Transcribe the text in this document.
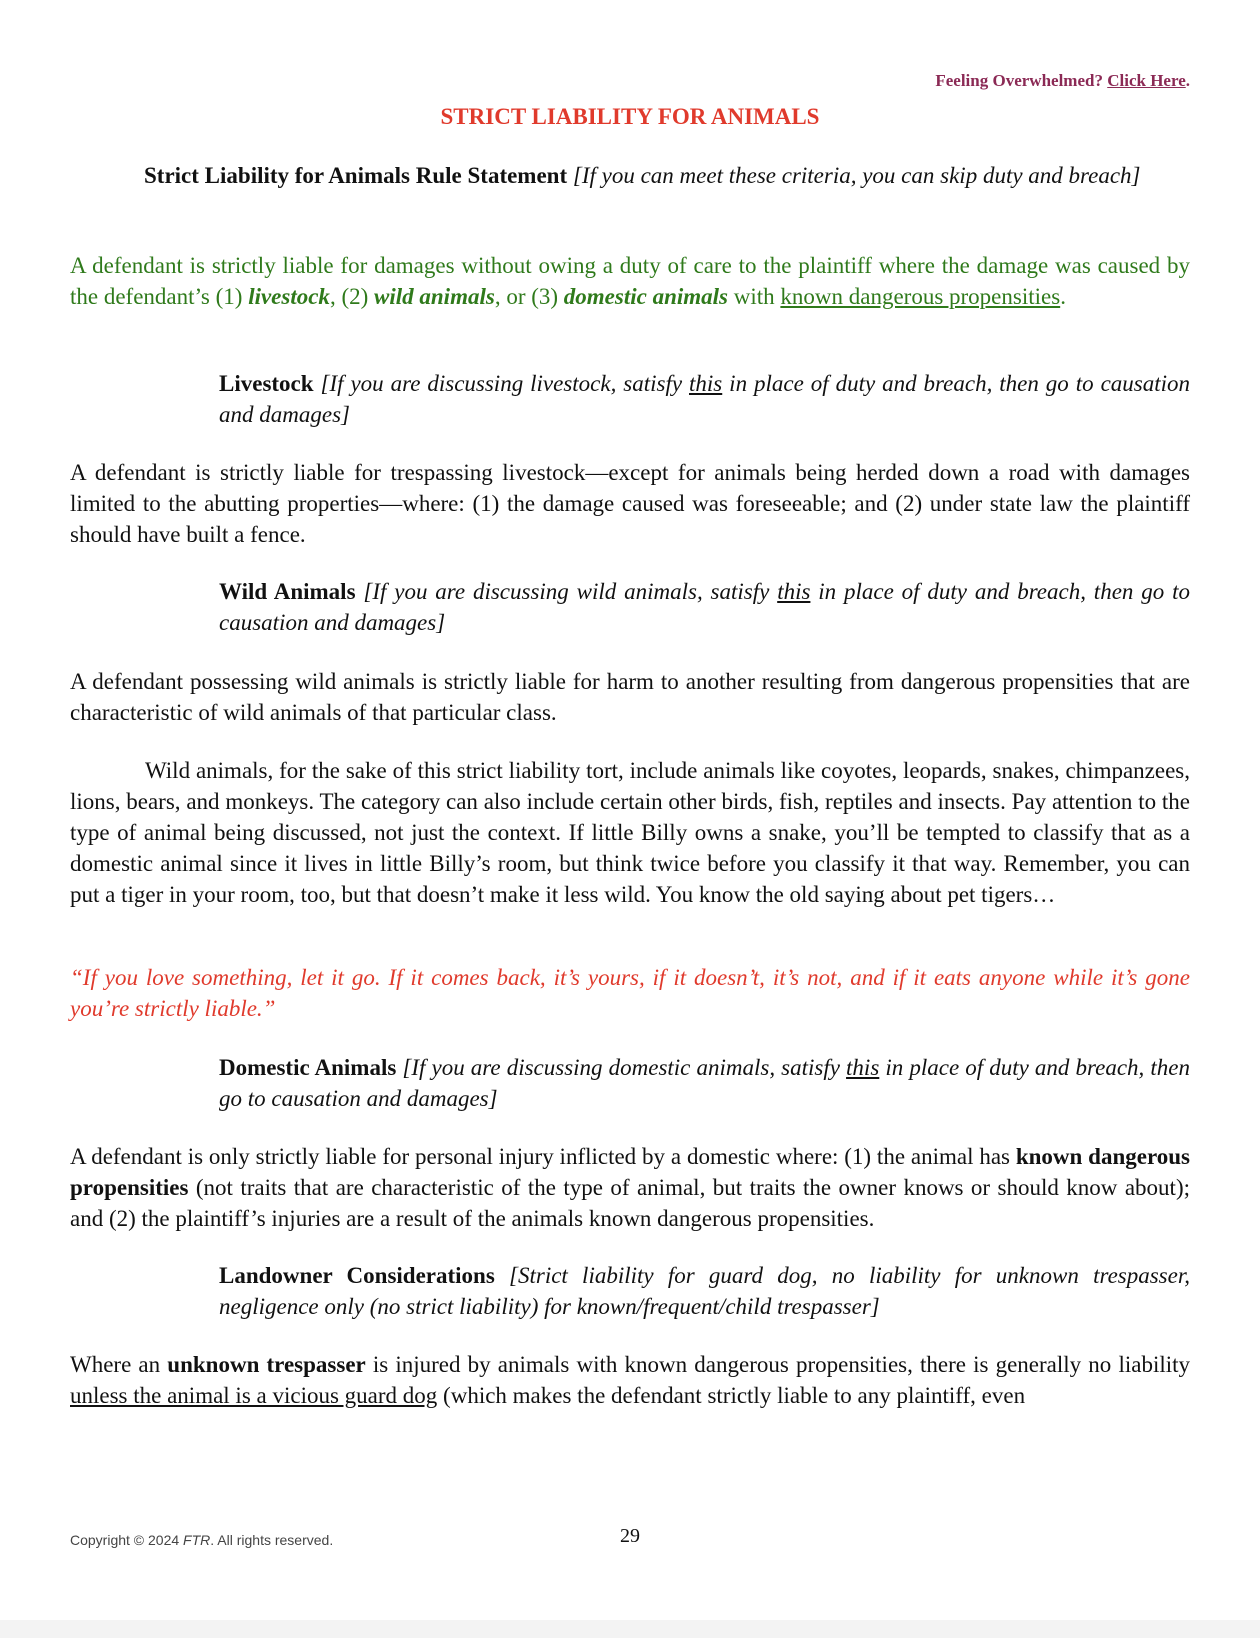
Feeling Overwhelmed? Click Here.

STRICT LIABILITY FOR ANIMALS

Strict Liability for Animals Rule Statement [If you can meet these criteria, you can skip duty and breach]

A defendant is strictly liable for damages without owing a duty of care to the plaintiff where the damage was caused by the defendant’s (1) livestock, (2) wild animals, or (3) domestic animals with known dangerous propensities.

Livestock [If you are discussing livestock, satisfy this in place of duty and breach, then go to causation and damages]

A defendant is strictly liable for trespassing livestock—except for animals being herded down a road with damages limited to the abutting properties—where: (1) the damage caused was foreseeable; and (2) under state law the plaintiff should have built a fence.

Wild Animals [If you are discussing wild animals, satisfy this in place of duty and breach, then go to causation and damages]

A defendant possessing wild animals is strictly liable for harm to another resulting from dangerous propensities that are characteristic of wild animals of that particular class.

Wild animals, for the sake of this strict liability tort, include animals like coyotes, leopards, snakes, chimpanzees, lions, bears, and monkeys. The category can also include certain other birds, fish, reptiles and insects. Pay attention to the type of animal being discussed, not just the context. If little Billy owns a snake, you’ll be tempted to classify that as a domestic animal since it lives in little Billy’s room, but think twice before you classify it that way. Remember, you can put a tiger in your room, too, but that doesn’t make it less wild. You know the old saying about pet tigers…

“If you love something, let it go. If it comes back, it’s yours, if it doesn’t, it’s not, and if it eats anyone while it’s gone you’re strictly liable.”

Domestic Animals [If you are discussing domestic animals, satisfy this in place of duty and breach, then go to causation and damages]

A defendant is only strictly liable for personal injury inflicted by a domestic where: (1) the animal has known dangerous propensities (not traits that are characteristic of the type of animal, but traits the owner knows or should know about); and (2) the plaintiff’s injuries are a result of the animals known dangerous propensities.

Landowner Considerations [Strict liability for guard dog, no liability for unknown trespasser, negligence only (no strict liability) for known/frequent/child trespasser]

Where an unknown trespasser is injured by animals with known dangerous propensities, there is generally no liability unless the animal is a vicious guard dog (which makes the defendant strictly liable to any plaintiff, even

Copyright © 2024 FTR. All rights reserved.	29
